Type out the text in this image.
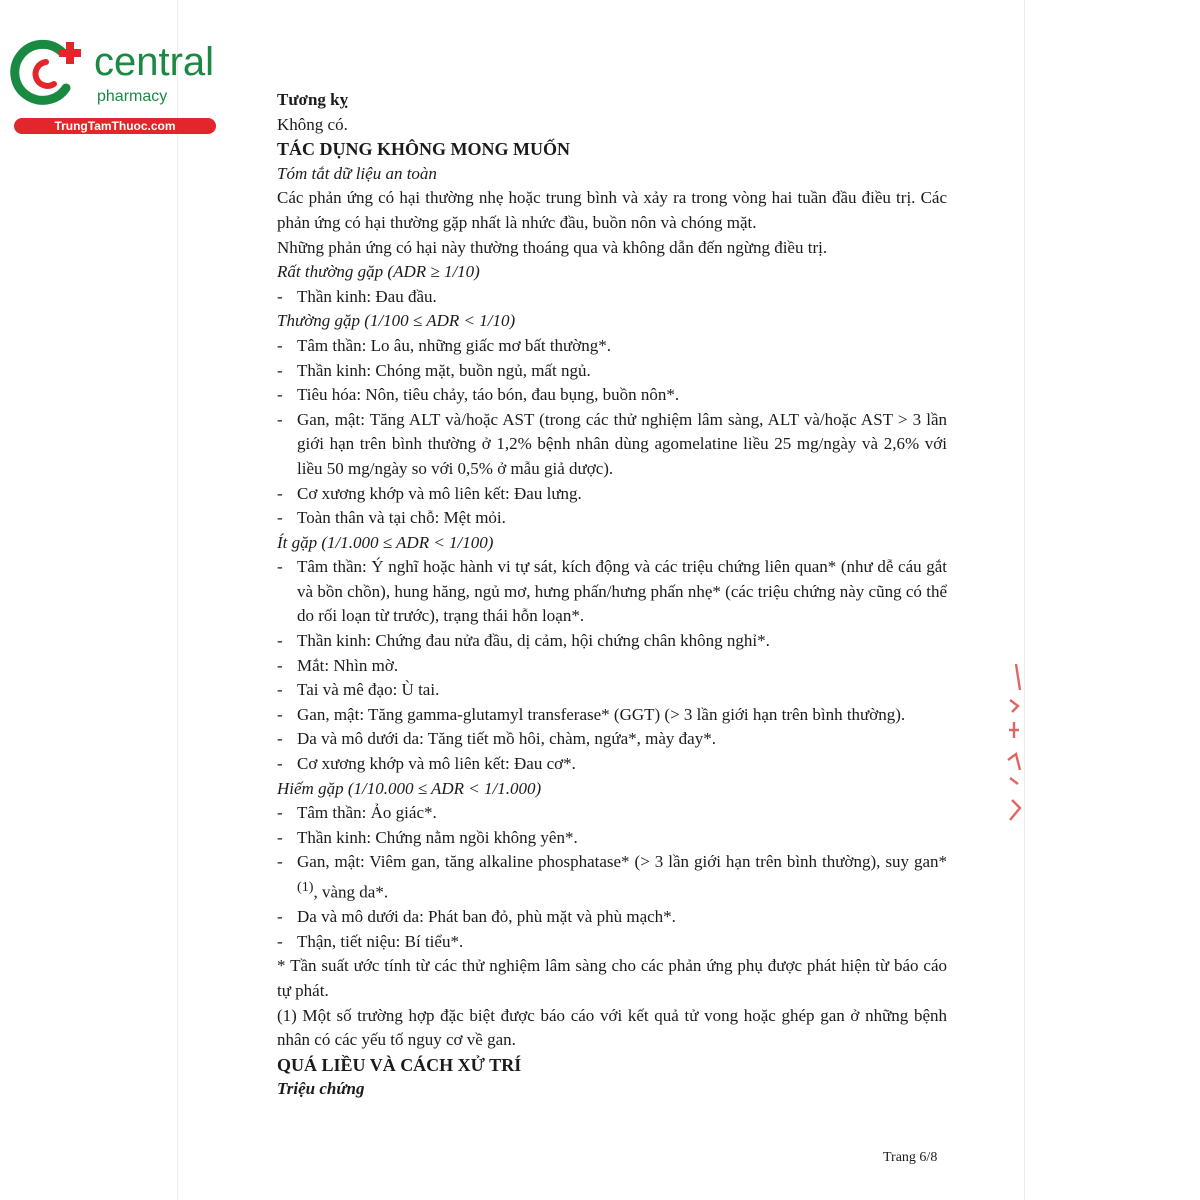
central
pharmacy
TrungTamThuoc.com

Tương kỵ

Không có.

TÁC DỤNG KHÔNG MONG MUỐN

Tóm tắt dữ liệu an toàn

Các phản ứng có hại thường nhẹ hoặc trung bình và xảy ra trong vòng hai tuần đầu điều trị. Các phản ứng có hại thường gặp nhất là nhức đầu, buồn nôn và chóng mặt.

Những phản ứng có hại này thường thoáng qua và không dẫn đến ngừng điều trị.

Rất thường gặp (ADR ≥ 1/10)

- Thần kinh: Đau đầu.

Thường gặp (1/100 ≤ ADR < 1/10)

- Tâm thần: Lo âu, những giấc mơ bất thường*.
- Thần kinh: Chóng mặt, buồn ngủ, mất ngủ.
- Tiêu hóa: Nôn, tiêu chảy, táo bón, đau bụng, buồn nôn*.
- Gan, mật: Tăng ALT và/hoặc AST (trong các thử nghiệm lâm sàng, ALT và/hoặc AST > 3 lần giới hạn trên bình thường ở 1,2% bệnh nhân dùng agomelatine liều 25 mg/ngày và 2,6% với liều 50 mg/ngày so với 0,5% ở mẫu giả dược).
- Cơ xương khớp và mô liên kết: Đau lưng.
- Toàn thân và tại chỗ: Mệt mỏi.

Ít gặp (1/1.000 ≤ ADR < 1/100)

- Tâm thần: Ý nghĩ hoặc hành vi tự sát, kích động và các triệu chứng liên quan* (như dễ cáu gắt và bồn chồn), hung hăng, ngủ mơ, hưng phấn/hưng phấn nhẹ* (các triệu chứng này cũng có thể do rối loạn từ trước), trạng thái hỗn loạn*.
- Thần kinh: Chứng đau nửa đầu, dị cảm, hội chứng chân không nghỉ*.
- Mắt: Nhìn mờ.
- Tai và mê đạo: Ù tai.
- Gan, mật: Tăng gamma-glutamyl transferase* (GGT) (> 3 lần giới hạn trên bình thường).
- Da và mô dưới da: Tăng tiết mồ hôi, chàm, ngứa*, mày đay*.
- Cơ xương khớp và mô liên kết: Đau cơ*.

Hiếm gặp (1/10.000 ≤ ADR < 1/1.000)

- Tâm thần: Ảo giác*.
- Thần kinh: Chứng nằm ngồi không yên*.
- Gan, mật: Viêm gan, tăng alkaline phosphatase* (> 3 lần giới hạn trên bình thường), suy gan* $^{(1)}$, vàng da*.
- Da và mô dưới da: Phát ban đỏ, phù mặt và phù mạch*.
- Thận, tiết niệu: Bí tiểu*.

* Tần suất ước tính từ các thử nghiệm lâm sàng cho các phản ứng phụ được phát hiện từ báo cáo tự phát.

(1) Một số trường hợp đặc biệt được báo cáo với kết quả tử vong hoặc ghép gan ở những bệnh nhân có các yếu tố nguy cơ về gan.

QUÁ LIỀU VÀ CÁCH XỬ TRÍ

Triệu chứng

Trang 6/8
